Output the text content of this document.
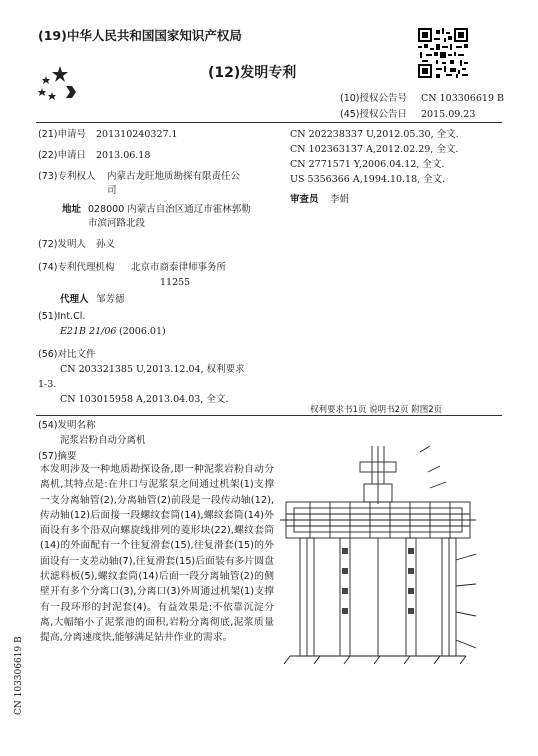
(19)中华人民共和国国家知识产权局
(12)发明专利
(10)授权公告号 CN 103306619 B
(45)授权公告日 2015.09.23
(21)申请号 201310240327.1
(22)申请日 2013.06.18
(73)专利权人 内蒙古龙旺地质勘探有限责任公
司
地址 028000 内蒙古自治区通辽市霍林郭勒
市滨河路北段
(72)发明人 孙义
(74)专利代理机构 北京市商泰律师事务所
11255
代理人 邹芳德
(51)Int.Cl.
E21B 21/06 (2006.01)
(56)对比文件
CN 203321385 U,2013.12.04, 权利要求
1-3.
CN 103015958 A,2013.04.03, 全文.
CN 202238337 U,2012.05.30, 全文.
CN 102363137 A,2012.02.29, 全文.
CN 2771571 Y,2006.04.12, 全文.
US 5356366 A,1994.10.18, 全文.
审查员 李娟
权利要求书1页 说明书2页 附图2页
(54)发明名称
泥浆岩粉自动分离机
(57)摘要
本发明涉及一种地质勘探设备,即一种泥浆岩粉自动分离机,其特点是:在井口与泥浆泵之间通过机架(1)支撑一支分离轴管(2),分离轴管(2)前段是一段传动轴(12),传动轴(12)后面接一段螺纹套筒(14),螺纹套筒(14)外面设有多个沿双向螺旋线排列的菱形块(22),螺纹套筒(14)的外面配有一个往复滑套(15),往复滑套(15)的外面设有一支差动轴(7),往复滑套(15)后面装有多片圆盘状滤料板(5),螺纹套筒(14)后面一段分离轴管(2)的侧壁开有多个分离口(3),分离口(3)外周通过机架(1)支撑有一段环形的封泥套(4)。有益效果是:不依靠沉淀分离,大幅缩小了泥浆池的面积,岩粉分离彻底,泥浆质量提高,分离速度快,能够满足钻井作业的需求。
CN 103306619 B
